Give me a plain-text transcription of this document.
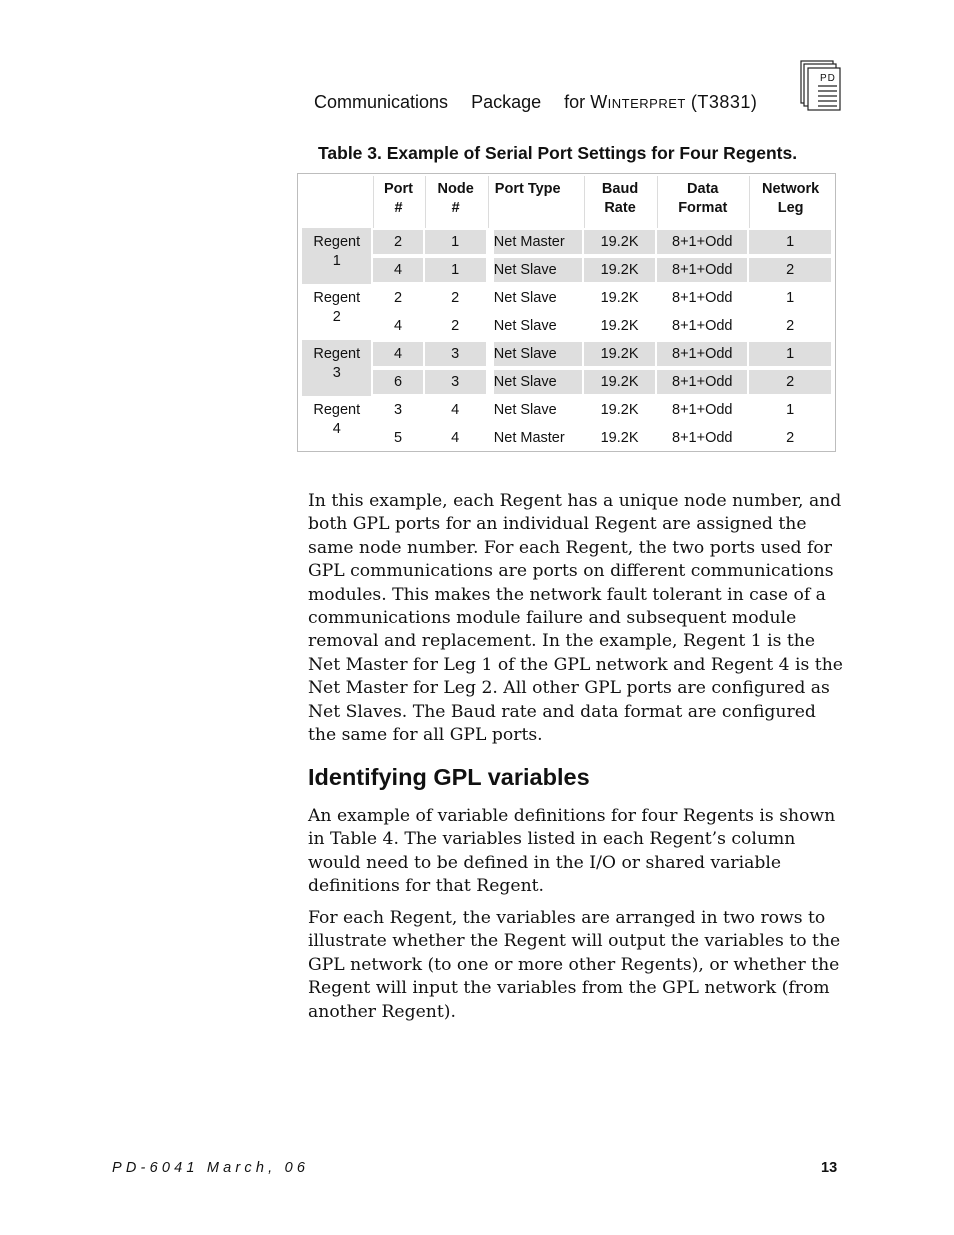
Communications Package for Winterpret (T3831)
PD
Table 3. Example of Serial Port Settings for Four Regents.
	Port
#	Node
#	Port Type	Baud
Rate	Data
Format	Network
Leg
Regent
1	2	1	Net Master	19.2K	8+1+Odd	1

	4	1	Net Slave	19.2K	8+1+Odd	2

Regent
2	2	2	Net Slave	19.2K	8+1+Odd	1

	4	2	Net Slave	19.2K	8+1+Odd	2

Regent
3	4	3	Net Slave	19.2K	8+1+Odd	1

	6	3	Net Slave	19.2K	8+1+Odd	2

Regent
4	3	4	Net Slave	19.2K	8+1+Odd	1

	5	4	Net Master	19.2K	8+1+Odd	2

In this example, each Regent has a unique node number, and both GPL ports for an individual Regent are assigned the same node number. For each Regent, the two ports used for GPL communications are ports on different communications modules. This makes the network fault tolerant in case of a communications module failure and subsequent module removal and replacement. In the example, Regent 1 is the Net Master for Leg 1 of the GPL network and Regent 4 is the Net Master for Leg 2. All other GPL ports are configured as Net Slaves. The Baud rate and data format are configured the same for all GPL ports.

Identifying GPL variables

An example of variable definitions for four Regents is shown in Table 4. The variables listed in each Regent’s column would need to be defined in the I/O or shared variable definitions for that Regent.

For each Regent, the variables are arranged in two rows to illustrate whether the Regent will output the variables to the GPL network (to one or more other Regents), or whether the Regent will input the variables from the GPL network (from another Regent).

PD-6041 March, 06	13
